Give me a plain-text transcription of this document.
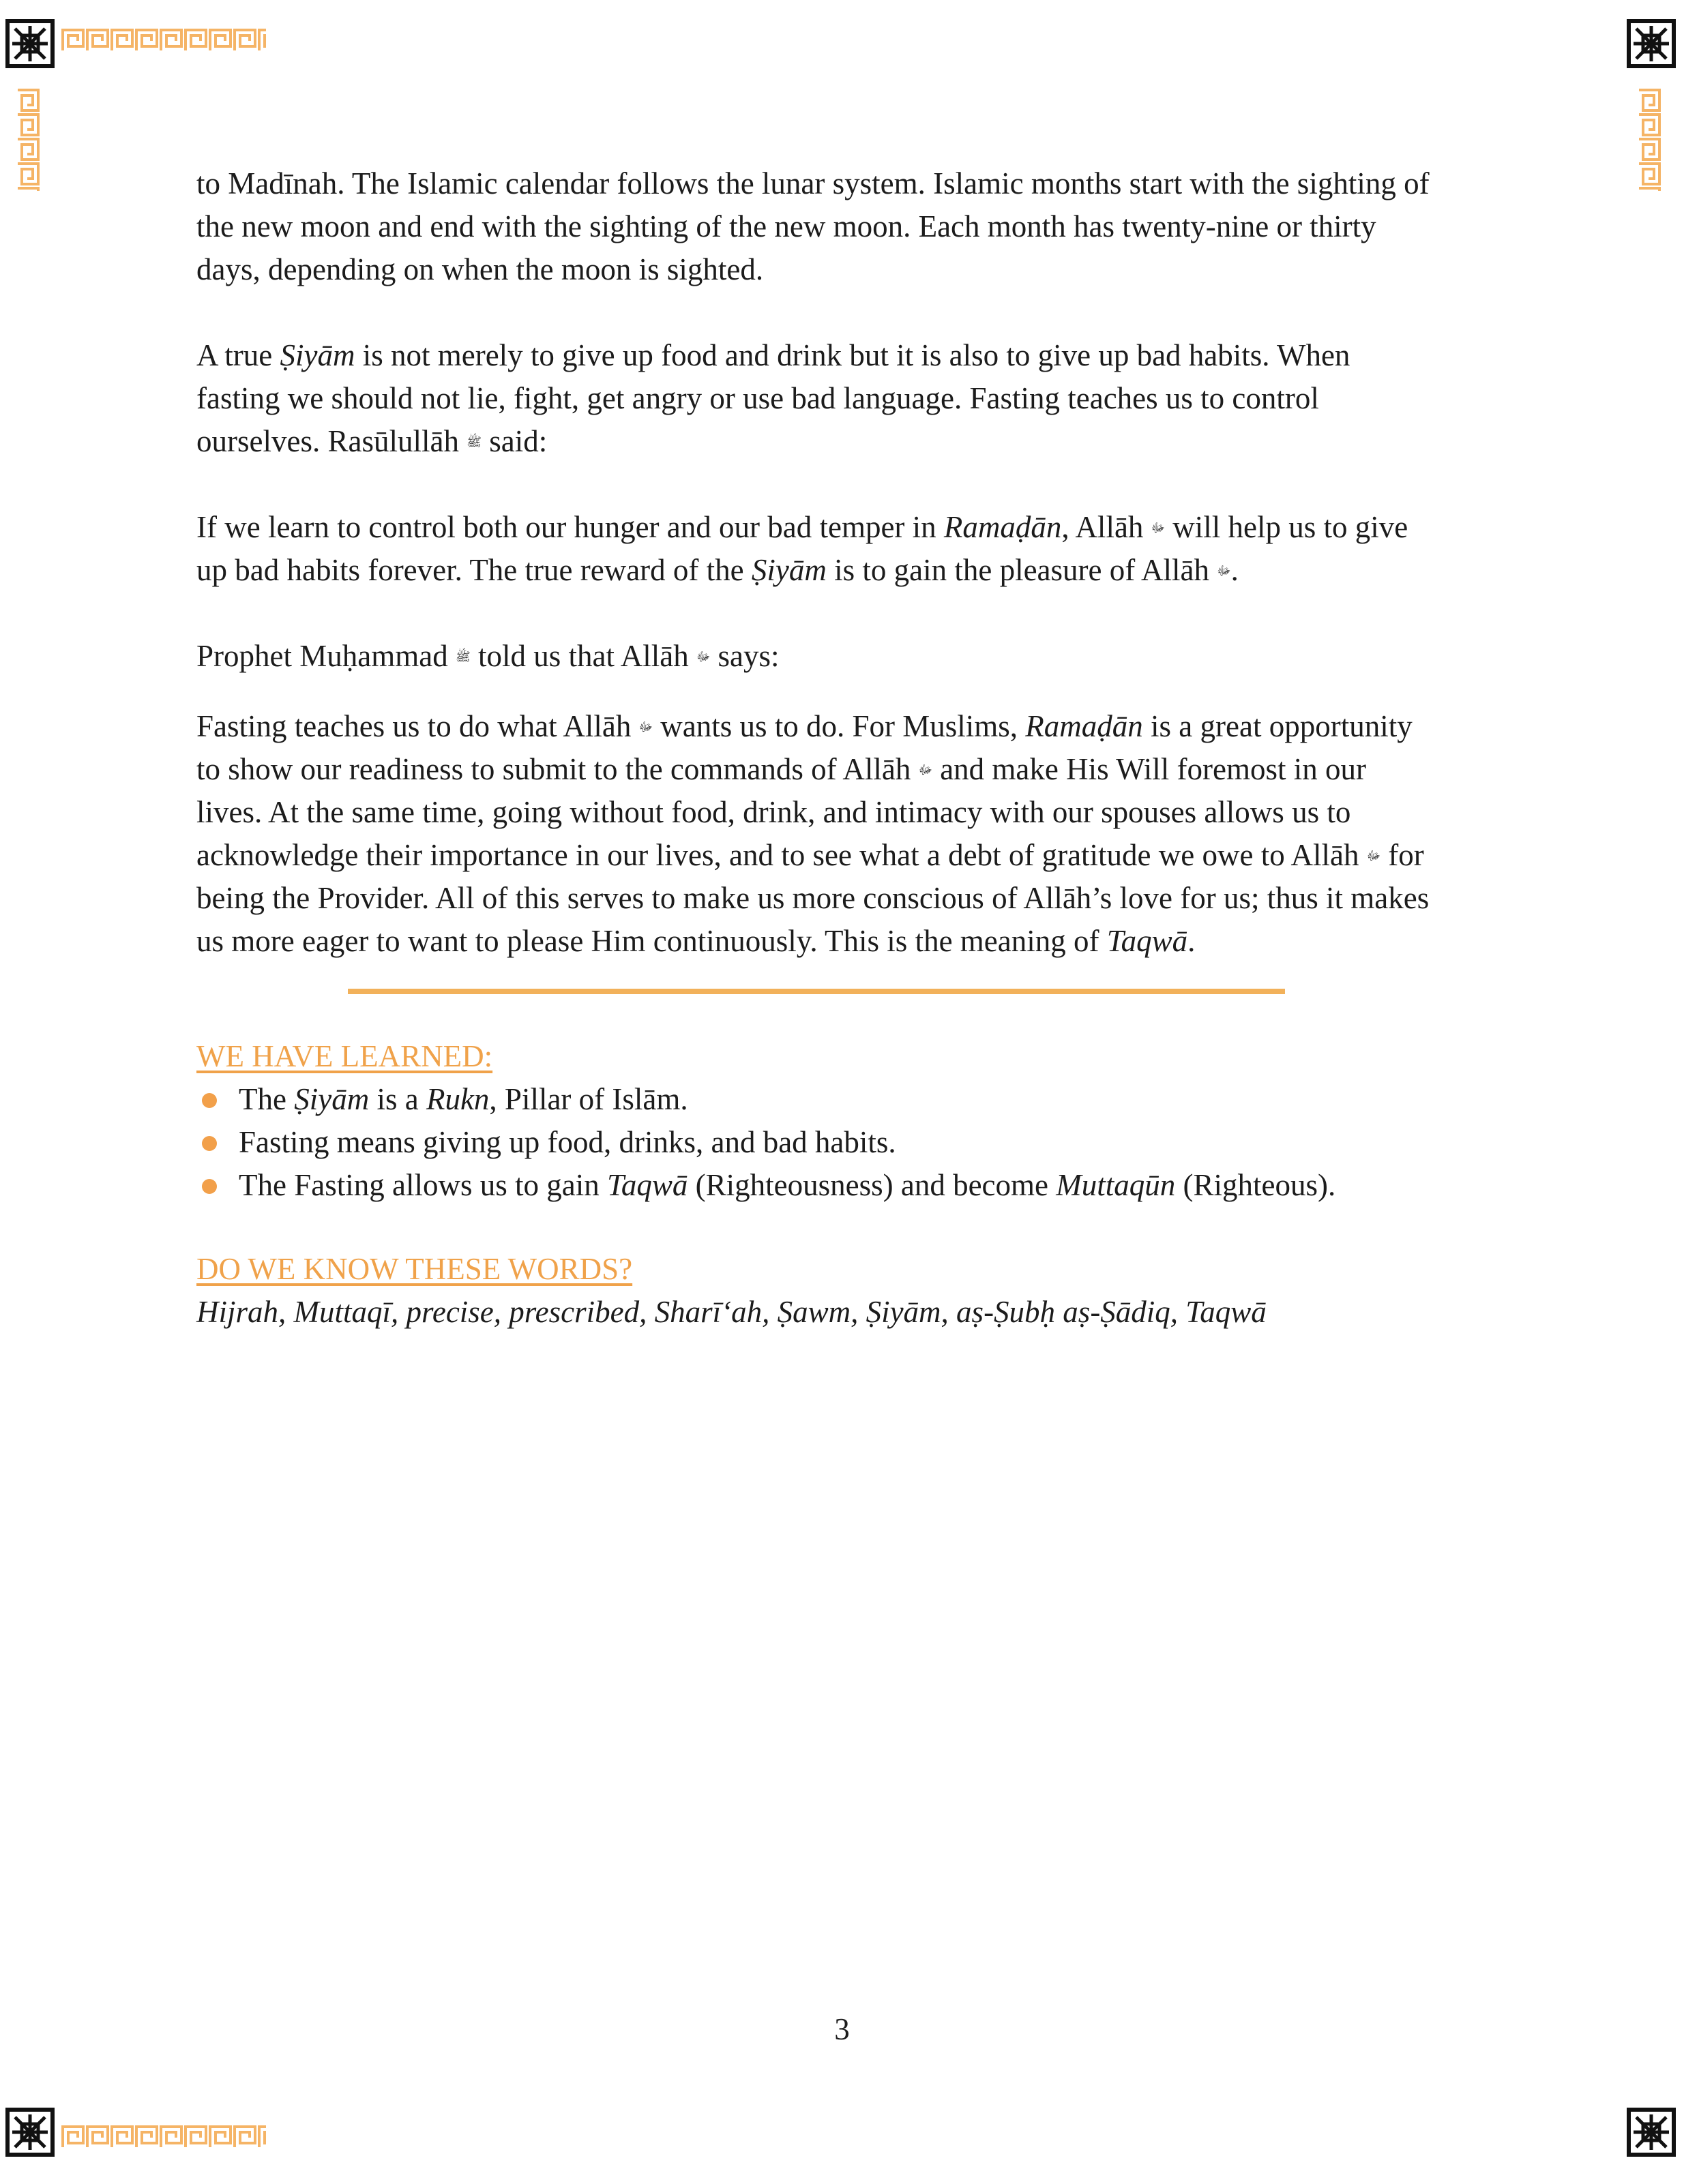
to Madīnah. The Islamic calendar follows the lunar system. Islamic months start with the sighting of the new moon and end with the sighting of the new moon. Each month has twenty-nine or thirty days, depending on when the moon is sighted.

A true Ṣiyām is not merely to give up food and drink but it is also to give up bad habits. When fasting we should not lie, fight, get angry or use bad language. Fasting teaches us to control ourselves. Rasūlullāh ﷺ said:

If we learn to control both our hunger and our bad temper in Ramaḍān, Allāh ﷻ will help us to give up bad habits forever. The true reward of the Ṣiyām is to gain the pleasure of Allāh ﷻ.

Prophet Muḥammad ﷺ told us that Allāh ﷻ says:

Fasting teaches us to do what Allāh ﷻ wants us to do. For Muslims, Ramaḍān is a great opportunity to show our readiness to submit to the commands of Allāh ﷻ and make His Will foremost in our lives. At the same time, going without food, drink, and intimacy with our spouses allows us to acknowledge their importance in our lives, and to see what a debt of gratitude we owe to Allāh ﷻ for being the Provider. All of this serves to make us more conscious of Allāh’s love for us; thus it makes us more eager to want to please Him continuously. This is the meaning of Taqwā.

WE HAVE LEARNED:

The Ṣiyām is a Rukn, Pillar of Islām.
Fasting means giving up food, drinks, and bad habits.
The Fasting allows us to gain Taqwā (Righteousness) and become Muttaqūn (Righteous).

DO WE KNOW THESE WORDS?

Hijrah, Muttaqī, precise, prescribed, Sharī‘ah, Ṣawm, Ṣiyām, aṣ-Ṣubḥ aṣ-Ṣādiq, Taqwā

3
